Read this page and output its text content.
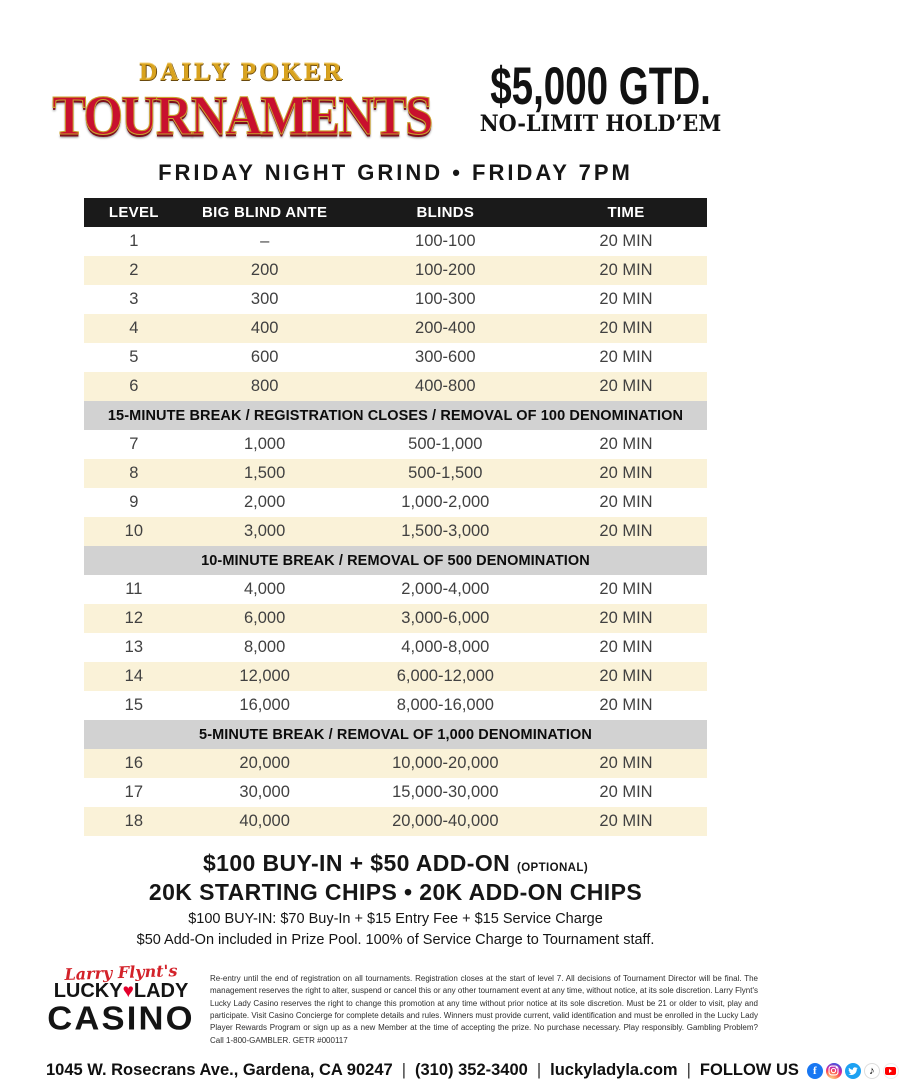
DAILY POKER
TOURNAMENTS	$5,000 GTD.
NO-LIMIT HOLD’EM
FRIDAY NIGHT GRIND • FRIDAY 7PM
LEVEL	BIG BLIND ANTE	BLINDS	TIME
1	–	100-100	20 MIN
2	200	100-200	20 MIN
3	300	100-300	20 MIN
4	400	200-400	20 MIN
5	600	300-600	20 MIN
6	800	400-800	20 MIN
15-MINUTE BREAK / REGISTRATION CLOSES / REMOVAL OF 100 DENOMINATION
7	1,000	500-1,000	20 MIN
8	1,500	500-1,500	20 MIN
9	2,000	1,000-2,000	20 MIN
10	3,000	1,500-3,000	20 MIN
10-MINUTE BREAK / REMOVAL OF 500 DENOMINATION
11	4,000	2,000-4,000	20 MIN
12	6,000	3,000-6,000	20 MIN
13	8,000	4,000-8,000	20 MIN
14	12,000	6,000-12,000	20 MIN
15	16,000	8,000-16,000	20 MIN
5-MINUTE BREAK / REMOVAL OF 1,000 DENOMINATION
16	20,000	10,000-20,000	20 MIN
17	30,000	15,000-30,000	20 MIN
18	40,000	20,000-40,000	20 MIN
$100 BUY-IN + $50 ADD-ON (OPTIONAL)
20K STARTING CHIPS • 20K ADD-ON CHIPS
$100 BUY-IN: $70 Buy-In + $15 Entry Fee + $15 Service Charge
$50 Add-On included in Prize Pool. 100% of Service Charge to Tournament staff.
Larry Flynt's
LUCKY♥LADY
CASINO
Re-entry until the end of registration on all tournaments. Registration closes at the start of level 7. All decisions of Tournament Director will be final. The management reserves the right to alter, suspend or cancel this or any other tournament event at any time, without notice, at its sole discretion. Larry Flynt's Lucky Lady Casino reserves the right to change this promotion at any time without prior notice at its sole discretion. Must be 21 or older to visit, play and participate. Visit Casino Concierge for complete details and rules. Winners must provide current, valid identification and must be enrolled in the Lucky Lady Player Rewards Program or sign up as a new Member at the time of accepting the prize. No purchase necessary. Play responsibly. Gambling Problem? Call 1-800-GAMBLER. GETR #000117
1045 W. Rosecrans Ave., Gardena, CA 90247 | (310) 352-3400 | luckyladyla.com | FOLLOW US	f	♪
